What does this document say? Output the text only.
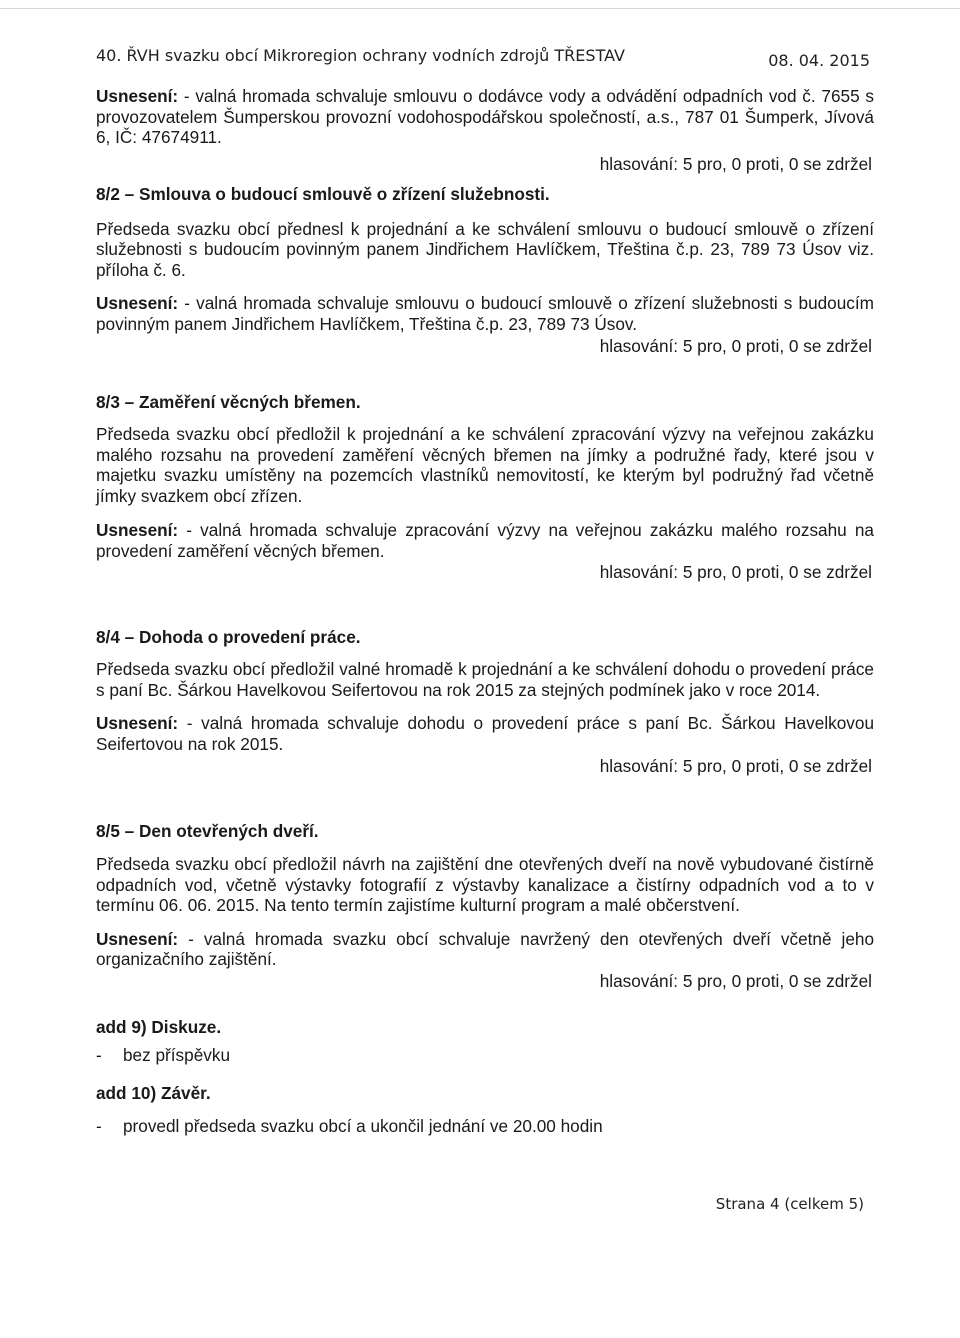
40. ŘVH svazku obcí Mikroregion ochrany vodních zdrojů TŘESTAV	08. 04. 2015

Usnesení: - valná hromada schvaluje smlouvu o dodávce vody a odvádění odpadních vod č. 7655 s provozovatelem Šumperskou provozní vodohospodářskou společností, a.s., 787 01 Šumperk, Jívová 6, IČ: 47674911.

hlasování: 5 pro, 0 proti, 0 se zdržel

8/2 – Smlouva o budoucí smlouvě o zřízení služebnosti.

Předseda svazku obcí přednesl k projednání a ke schválení smlouvu o budoucí smlouvě o zřízení služebnosti s budoucím povinným panem Jindřichem Havlíčkem, Třeština č.p. 23, 789 73 Úsov viz. příloha č. 6.

Usnesení: - valná hromada schvaluje smlouvu o budoucí smlouvě o zřízení služebnosti s budoucím povinným panem Jindřichem Havlíčkem, Třeština č.p. 23, 789 73 Úsov.

hlasování: 5 pro, 0 proti, 0 se zdržel

8/3 – Zaměření věcných břemen.

Předseda svazku obcí předložil k projednání a ke schválení zpracování výzvy na veřejnou zakázku malého rozsahu na provedení zaměření věcných břemen na jímky a podružné řady, které jsou v majetku svazku umístěny na pozemcích vlastníků nemovitostí, ke kterým byl podružný řad včetně jímky svazkem obcí zřízen.

Usnesení: - valná hromada schvaluje zpracování výzvy na veřejnou zakázku malého rozsahu na provedení zaměření věcných břemen.

hlasování: 5 pro, 0 proti, 0 se zdržel

8/4 – Dohoda o provedení práce.

Předseda svazku obcí předložil valné hromadě k projednání a ke schválení dohodu o provedení práce s paní Bc. Šárkou Havelkovou Seifertovou na rok 2015 za stejných podmínek jako v roce 2014.

Usnesení: - valná hromada schvaluje dohodu o provedení práce s paní Bc. Šárkou Havelkovou Seifertovou na rok 2015.

hlasování: 5 pro, 0 proti, 0 se zdržel

8/5 – Den otevřených dveří.

Předseda svazku obcí předložil návrh na zajištění dne otevřených dveří na nově vybudované čistírně odpadních vod, včetně výstavky fotografií z výstavby kanalizace a čistírny odpadních vod a to v termínu 06. 06. 2015. Na tento termín zajistíme kulturní program a malé občerstvení.

Usnesení: - valná hromada svazku obcí schvaluje navržený den otevřených dveří včetně jeho organizačního zajištění.

hlasování: 5 pro, 0 proti, 0 se zdržel

add 9) Diskuze.

-	bez příspěvku

add 10) Závěr.

-	provedl předseda svazku obcí a ukončil jednání ve 20.00 hodin
Strana 4 (celkem 5)
